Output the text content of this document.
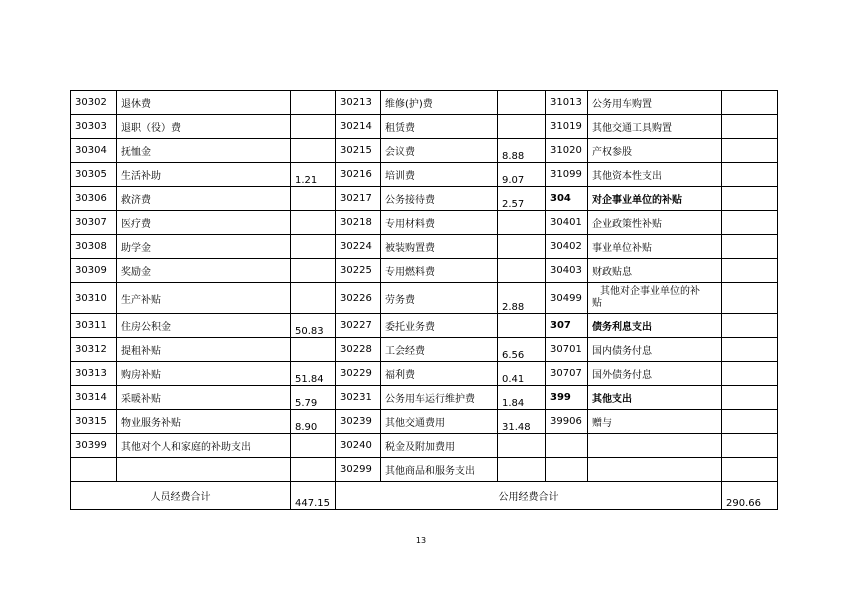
30302	退休费		30213	维修(护)费		31013	公务用车购置	
30303	退职（役）费		30214	租赁费		31019	其他交通工具购置	
30304	抚恤金		30215	会议费	8.88	31020	产权参股	
30305	生活补助	1.21	30216	培训费	9.07	31099	其他资本性支出	
30306	救济费		30217	公务接待费	2.57	304	对企事业单位的补贴	
30307	医疗费		30218	专用材料费		30401	企业政策性补贴	
30308	助学金		30224	被装购置费		30402	事业单位补贴	
30309	奖励金		30225	专用燃料费		30403	财政贴息	
30310	生产补贴		30226	劳务费	2.88	30499	其他对企事业单位的补
贴	

30311	住房公积金	50.83	30227	委托业务费		307	债务利息支出	
30312	提租补贴		30228	工会经费	6.56	30701	国内债务付息	
30313	购房补贴	51.84	30229	福利费	0.41	30707	国外债务付息	
30314	采暖补贴	5.79	30231	公务用车运行维护费	1.84	399	其他支出	
30315	物业服务补贴	8.90	30239	其他交通费用	31.48	39906	赠与	
30399	其他对个人和家庭的补助支出		30240	税金及附加费用				
			30299	其他商品和服务支出				
人员经费合计		447.15	公用经费合计					290.66
13
